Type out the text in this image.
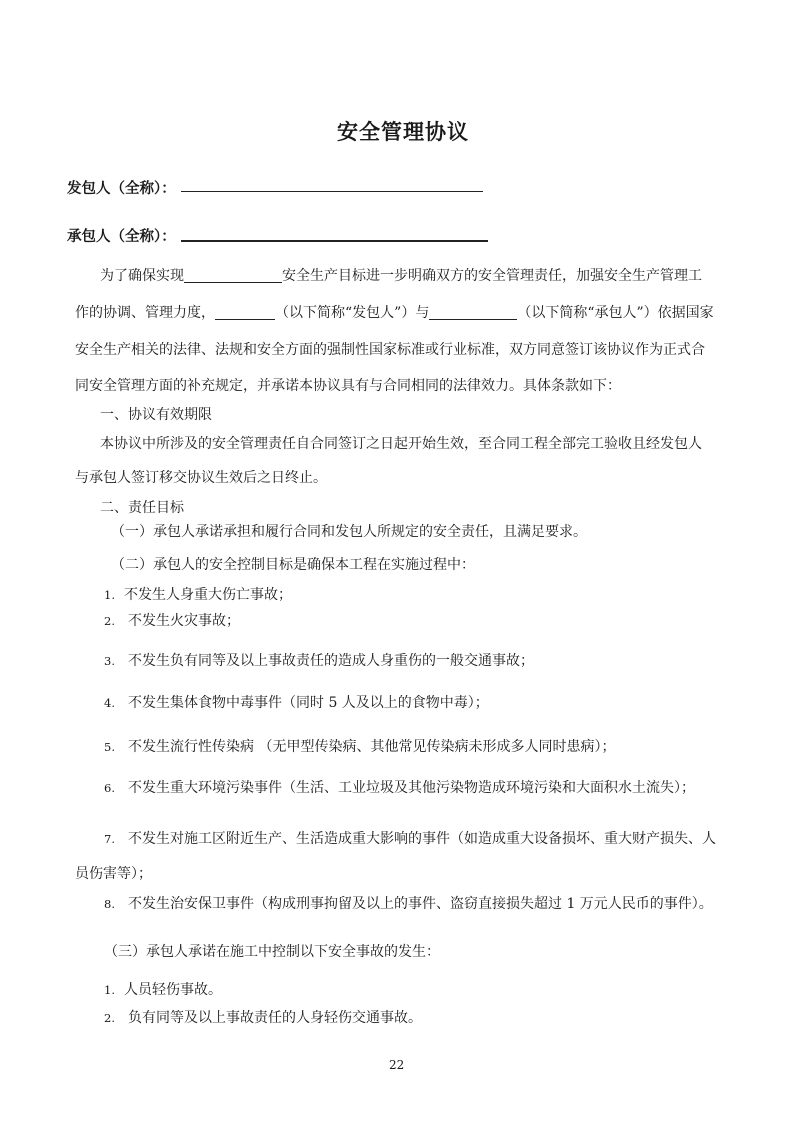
安全管理协议
发包人（全称）：
承包人（全称）：
为了确保实现	安全生产目标进一步明确双方的安全管理责任，加强安全生产管理工
作的协调、管理力度，	（以下简称“发包人”）与	（以下简称“承包人”）依据国家
安全生产相关的法律、法规和安全方面的强制性国家标准或行业标准，双方同意签订该协议作为正式合
同安全管理方面的补充规定，并承诺本协议具有与合同相同的法律效力。具体条款如下：
一、协议有效期限
本协议中所涉及的安全管理责任自合同签订之日起开始生效，至合同工程全部完工验收且经发包人
与承包人签订移交协议生效后之日终止。
二、责任目标
（一）承包人承诺承担和履行合同和发包人所规定的安全责任，且满足要求。
（二）承包人的安全控制目标是确保本工程在实施过程中：
1. 不发生人身重大伤亡事故；
2. 不发生火灾事故；
3. 不发生负有同等及以上事故责任的造成人身重伤的一般交通事故；
4. 不发生集体食物中毒事件（同时 5 人及以上的食物中毒）；
5. 不发生流行性传染病 （无甲型传染病、其他常见传染病未形成多人同时患病）；
6. 不发生重大环境污染事件（生活、工业垃圾及其他污染物造成环境污染和大面积水土流失）；
7. 不发生对施工区附近生产、生活造成重大影响的事件（如造成重大设备损坏、重大财产损失、人
员伤害等）；
8. 不发生治安保卫事件（构成刑事拘留及以上的事件、盗窃直接损失超过 1 万元人民币的事件）。
（三）承包人承诺在施工中控制以下安全事故的发生：
1. 人员轻伤事故。
2. 负有同等及以上事故责任的人身轻伤交通事故。
22
